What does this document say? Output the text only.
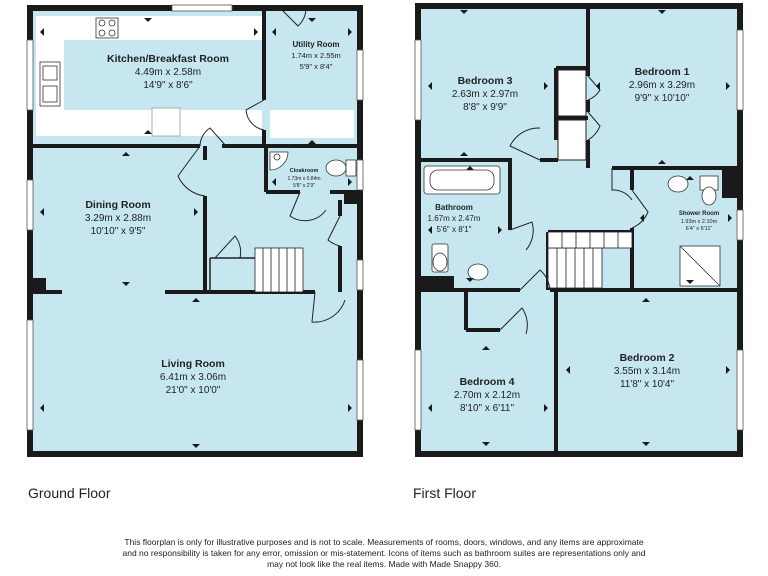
Kitchen/Breakfast Room
4.49m x 2.58m
14'9" x 8'6"
Utility Room
1.74m x 2.55m
5'9" x 8'4"
Cloakroom
1.73m x 0.84m
5'8" x 2'9"
Dining Room
3.29m x 2.88m
10'10" x 9'5"
Living Room
6.41m x 3.06m
21'0" x 10'0"
Bedroom 3
2.63m x 2.97m
8'8" x 9'9"
Bedroom 1
2.96m x 3.29m
9'9" x 10'10"
Bathroom
1.67m x 2.47m
5'6" x 8'1"
Shower Room
1.93m x 2.10m
6'4" x 6'11"
Bedroom 2
3.55m x 3.14m
11'8" x 10'4"
Bedroom 4
2.70m x 2.12m
8'10" x 6'11"
Ground Floor	First Floor
This floorplan is only for illustrative purposes and is not to scale. Measurements of rooms, doors, windows, and any items are approximate
and no responsibility is taken for any error, omission or mis-statement. Icons of items such as bathroom suites are representations only and
may not look like the real items. Made with Made Snappy 360.
